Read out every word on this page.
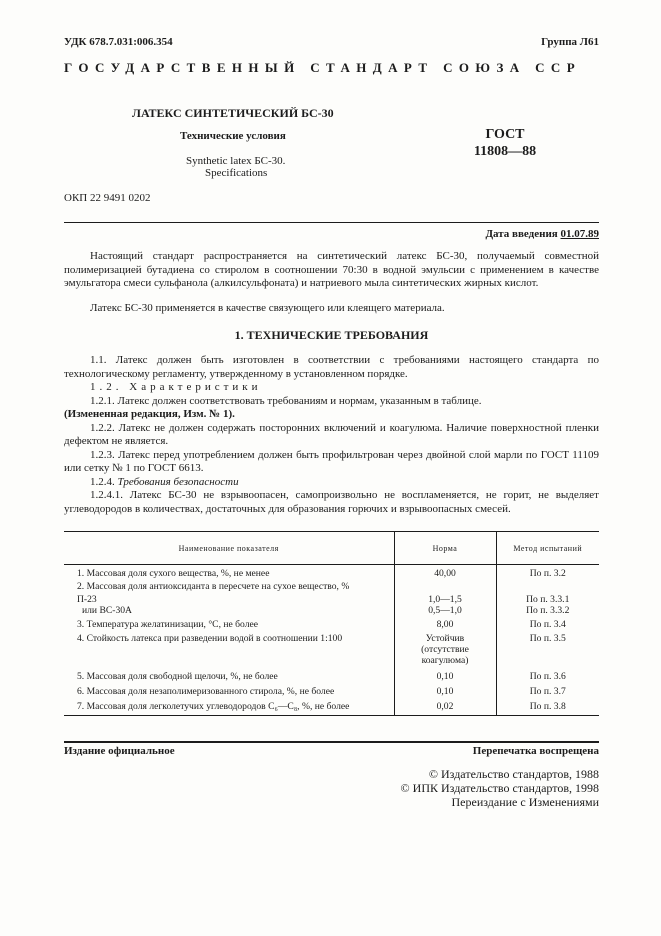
УДК 678.7.031:006.354	Группа Л61
ГОСУДАРСТВЕННЫЙ СТАНДАРТ СОЮЗА ССР
ЛАТЕКС СИНТЕТИЧЕСКИЙ БС-30
Технические условия
Synthetic latex БС-30.
Specifications
ГОСТ
11808—88
ОКП 22 9491 0202
Дата введения 01.07.89
Настоящий стандарт распространяется на синтетический латекс БС-30, получаемый совместной полимеризацией бутадиена со стиролом в соотношении 70:30 в водной эмульсии с применением в качестве эмульгатора смеси сульфанола (алкилсульфоната) и натриевого мыла синтетических жирных кислот.
Латекс БС-30 применяется в качестве связующего или клеящего материала.
1. ТЕХНИЧЕСКИЕ ТРЕБОВАНИЯ
1.1. Латекс должен быть изготовлен в соответствии с требованиями настоящего стандарта по технологическому регламенту, утвержденному в установленном порядке.
1.2. Характеристики
1.2.1. Латекс должен соответствовать требованиям и нормам, указанным в таблице.
(Измененная редакция, Изм. № 1).
1.2.2. Латекс не должен содержать посторонних включений и коагулюма. Наличие поверхностной пленки дефектом не является.
1.2.3. Латекс перед употреблением должен быть профильтрован через двойной слой марли по ГОСТ 11109 или сетку № 1 по ГОСТ 6613.
1.2.4. Требования безопасности
1.2.4.1. Латекс БС-30 не взрывоопасен, самопроизвольно не воспламеняется, не горит, не выделяет углеводородов в количествах, достаточных для образования горючих и взрывоопасных смесей.
Наименование показателя	Норма	Метод испытаний
1. Массовая доля сухого вещества, %, не менее	40,00	По п. 3.2
2. Массовая доля антиоксиданта в пересчете на сухое вещество, %		
П-23	1,0—1,5	По п. 3.3.1
или ВС-30А	0,5—1,0	По п. 3.3.2
3. Температура желатинизации, °С, не более	8,00	По п. 3.4
4. Стойкость латекса при разведении водой в соотношении 1:100	Устойчив (отсутствие коагулюма)	По п. 3.5
5. Массовая доля свободной щелочи, %, не более	0,10	По п. 3.6
6. Массовая доля незаполимеризованного стирола, %, не более	0,10	По п. 3.7
7. Массовая доля легколетучих углеводородов C₆—C₈, %, не более	0,02	По п. 3.8
Издание официальное	Перепечатка воспрещена
© Издательство стандартов, 1988
© ИПК Издательство стандартов, 1998
Переиздание с Изменениями
